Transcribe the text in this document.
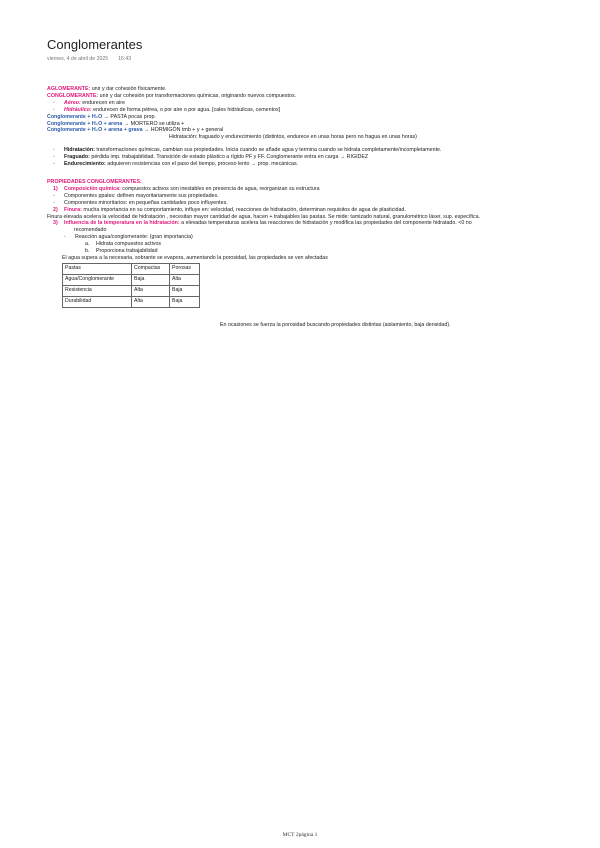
Conglomerantes
viernes, 4 de abril de 2025 16:43
AGLOMERANTE: unir y dar cohesión físicamente.
CONGLOMERANTE: unir y dar cohesión por transformaciones químicas, originando nuevos compuestos.
◦ Aéreo: endurecen en aire
◦ Hidráulico: endurecen de forma pétrea, o por aire o por agua. [cales hidráulicas, cementos]
Conglomerante + H₂O → PASTA pocas prop.
Conglomerante + H₂O + arena → MORTERO se utiliza +
Conglomerante + H₂O + arena + grava → HORMIGÓN tmb + y + general
Hidratación: fraguado y endurecimiento (distintos, endurece en unas horas pero no fragua en unas horas)
◦ Hidratación: transformaciones químicas, cambian sus propiedades. Inicia cuando se añade agua y termina cuando se hidrata completamente/incompletamente.
◦ Fraguado: pérdida imp. trabajabilidad. Transición de estado plástico a rígido PF y FF. Conglomerante entra en carga → RIGIDEZ
◦ Endurecimiento: adquieren resistencias con el paso del tiempo, proceso lento → prop. mecánicas.
PROPIEDADES CONGLOMERANTES:
1) Composición química: compuestos activos son inestables en presencia de agua, reorganizan su estructura
◦ Componentes ppales: definen mayoritariamente sus propiedades.
◦ Componentes minoritarios: en pequeñas cantidades poco influyentes.
2) Finura: mucha importancia en su comportamiento, influye en: velocidad, reacciones de hidratación, determinan requisitos de agua de plasticidad.
Finura elevada acelera la velocidad de hidratación , necesitan mayor cantidad de agua, hacen + trabajables las pastas. Se mide: tamizado natural, granulométrico láser, sup. específica.
3) Influencia de la temperatura en la hidratación: a elevadas temperaturas acelera las reacciones de hidratación y modifica las propiedades del componente hidratado. <0 no
recomendado
◦ Reacción agua/conglomerante: (gran importancia)
a. Hidrata compuestos activos
b. Proporciona trabajabilidad
El agua supera a la necesaria, sobrante se evapora, aumentando la porosidad, las propiedades se ven afectadas
Pastas	Compactas	Porosas
Agua/Conglomerante	Baja	Alta
Resistencia	Alta	Baja
Durabilidad	Alta	Baja
En ocasiones se fuerza la porosidad buscando propiedades distintas (aislamiento, baja densidad).
MCT 2página 1
